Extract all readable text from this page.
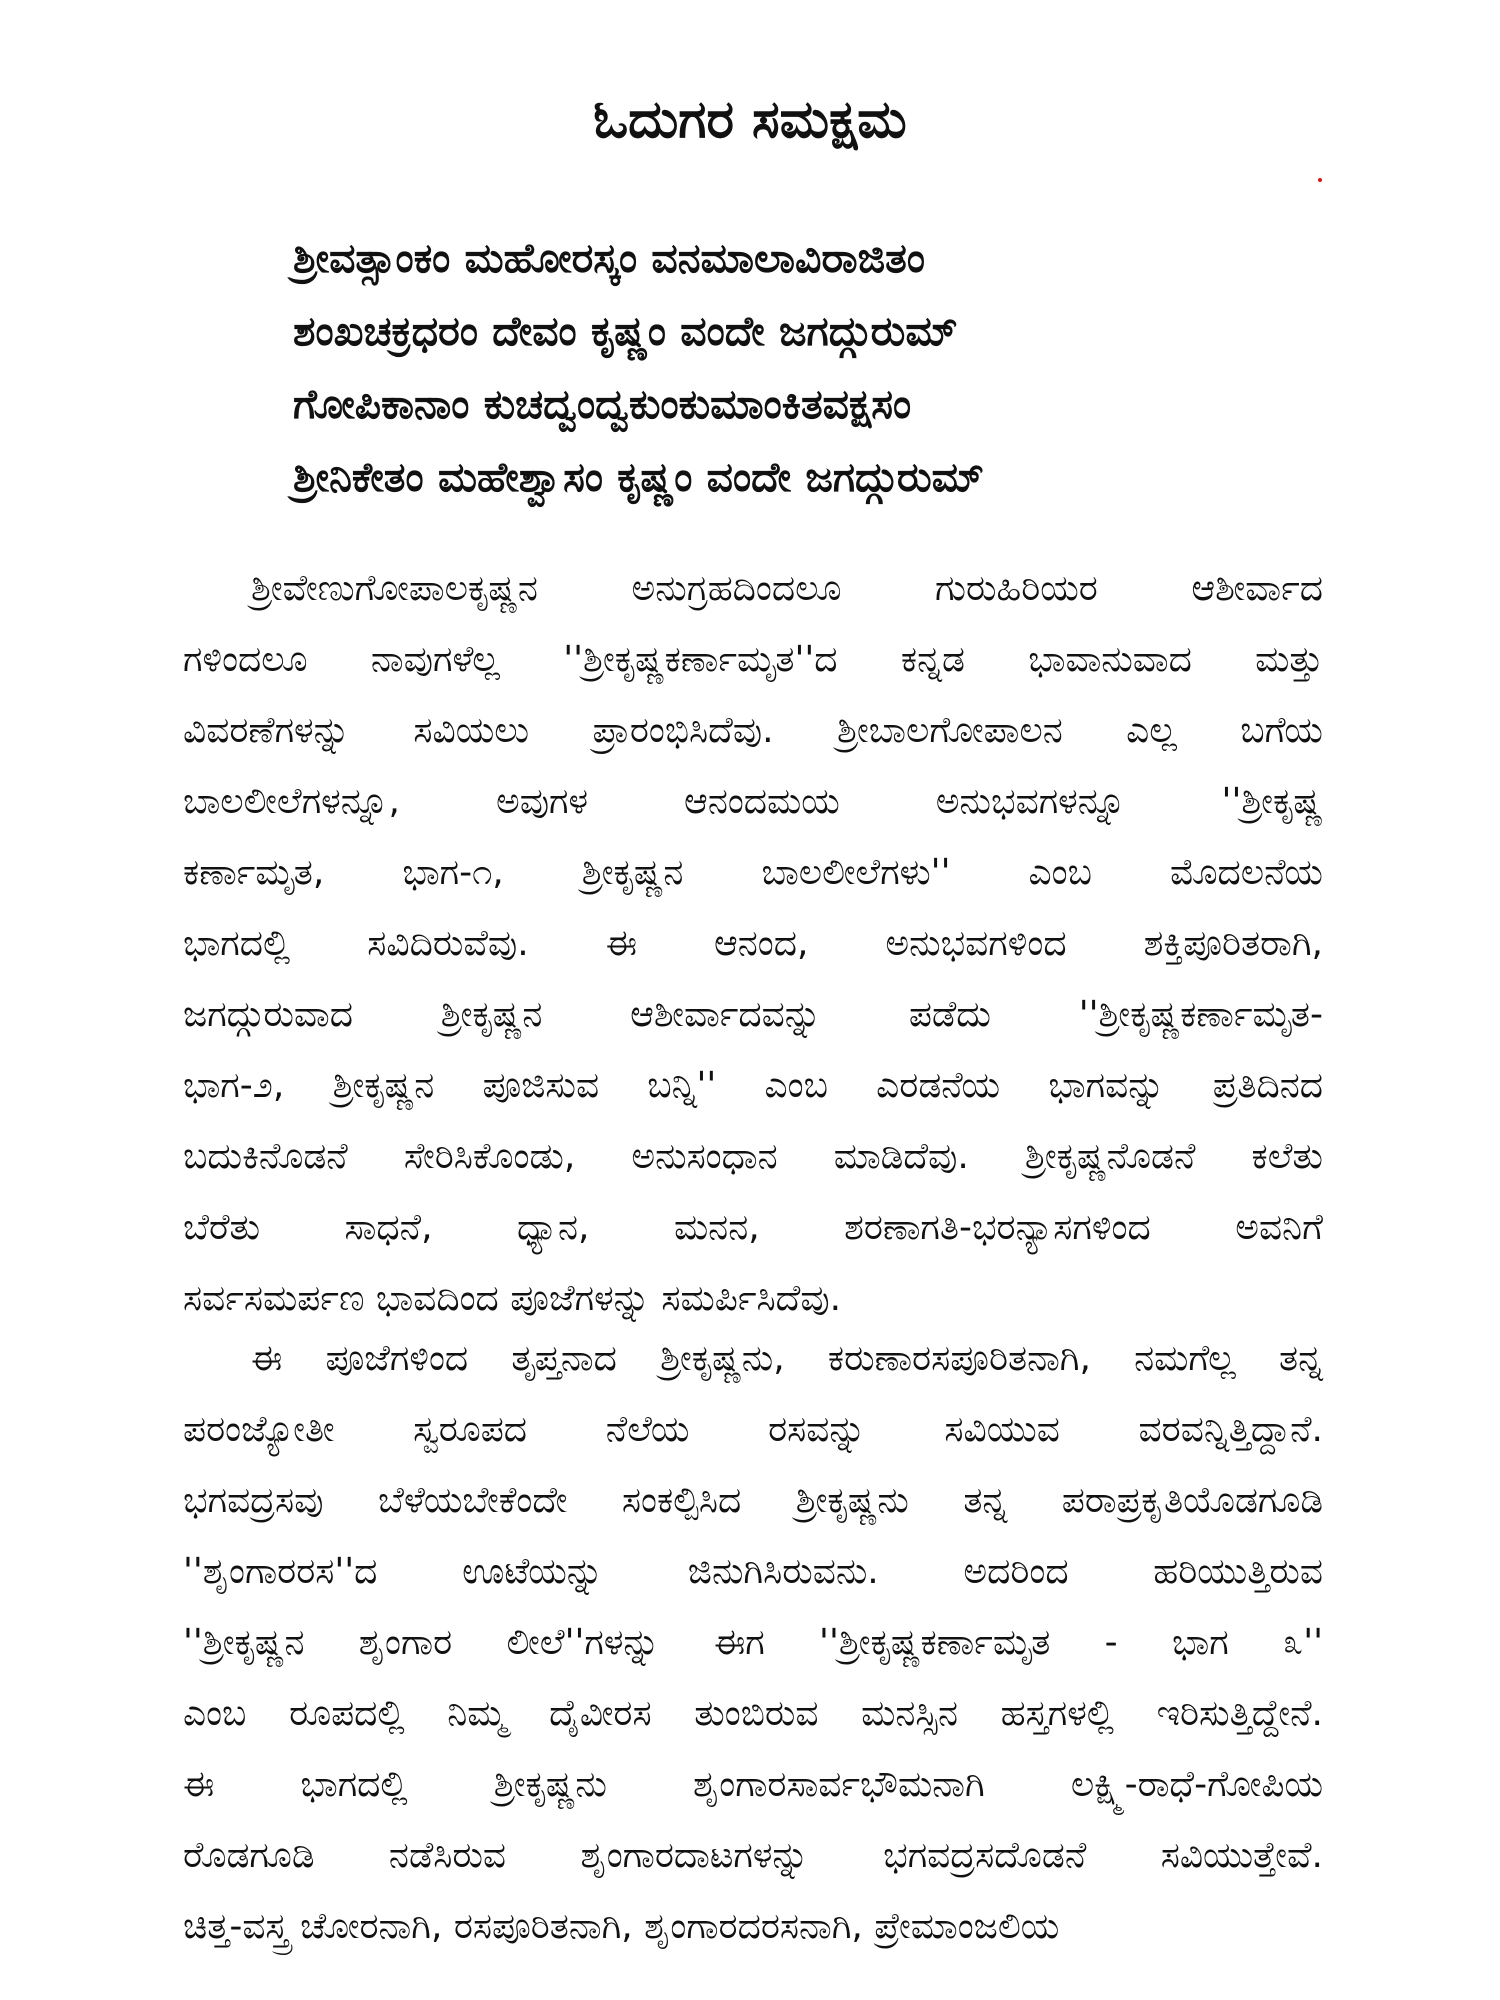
ಓದುಗರ ಸಮಕ್ಷಮ
ಶ್ರೀವತ್ಸಾಂಕಂ ಮಹೋರಸ್ಕಂ ವನಮಾಲಾವಿರಾಜಿತಂ
ಶಂಖಚಕ್ರಧರಂ ದೇವಂ ಕೃಷ್ಣಂ ವಂದೇ ಜಗದ್ಗುರುಮ್
ಗೋಪಿಕಾನಾಂ ಕುಚದ್ವಂದ್ವಕುಂಕುಮಾಂಕಿತವಕ್ಷಸಂ
ಶ್ರೀನಿಕೇತಂ ಮಹೇಶ್ವಾಸಂ ಕೃಷ್ಣಂ ವಂದೇ ಜಗದ್ಗುರುಮ್
ಶ್ರೀವೇಣುಗೋಪಾಲಕೃಷ್ಣನ ಅನುಗ್ರಹದಿಂದಲೂ ಗುರುಹಿರಿಯರ ಆಶೀರ್ವಾದ
ಗಳಿಂದಲೂ ನಾವುಗಳೆಲ್ಲ ''ಶ್ರೀಕೃಷ್ಣಕರ್ಣಾಮೃತ''ದ ಕನ್ನಡ ಭಾವಾನುವಾದ ಮತ್ತು
ವಿವರಣೆಗಳನ್ನು ಸವಿಯಲು ಪ್ರಾರಂಭಿಸಿದೆವು. ಶ್ರೀಬಾಲಗೋಪಾಲನ ಎಲ್ಲ ಬಗೆಯ
ಬಾಲಲೀಲೆಗಳನ್ನೂ, ಅವುಗಳ ಆನಂದಮಯ ಅನುಭವಗಳನ್ನೂ ''ಶ್ರೀಕೃಷ್ಣ
ಕರ್ಣಾಮೃತ, ಭಾಗ-೧, ಶ್ರೀಕೃಷ್ಣನ ಬಾಲಲೀಲೆಗಳು'' ಎಂಬ ಮೊದಲನೆಯ
ಭಾಗದಲ್ಲಿ ಸವಿದಿರುವೆವು. ಈ ಆನಂದ, ಅನುಭವಗಳಿಂದ ಶಕ್ತಿಪೂರಿತರಾಗಿ,
ಜಗದ್ಗುರುವಾದ ಶ್ರೀಕೃಷ್ಣನ ಆಶೀರ್ವಾದವನ್ನು ಪಡೆದು ''ಶ್ರೀಕೃಷ್ಣಕರ್ಣಾಮೃತ-
ಭಾಗ-೨, ಶ್ರೀಕೃಷ್ಣನ ಪೂಜಿಸುವ ಬನ್ನಿ'' ಎಂಬ ಎರಡನೆಯ ಭಾಗವನ್ನು ಪ್ರತಿದಿನದ
ಬದುಕಿನೊಡನೆ ಸೇರಿಸಿಕೊಂಡು, ಅನುಸಂಧಾನ ಮಾಡಿದೆವು. ಶ್ರೀಕೃಷ್ಣನೊಡನೆ ಕಲೆತು
ಬೆರೆತು ಸಾಧನೆ, ಧ್ಯಾನ, ಮನನ, ಶರಣಾಗತಿ-ಭರನ್ಯಾಸಗಳಿಂದ ಅವನಿಗೆ
ಸರ್ವಸಮರ್ಪಣ ಭಾವದಿಂದ ಪೂಜೆಗಳನ್ನು ಸಮರ್ಪಿಸಿದೆವು.
ಈ ಪೂಜೆಗಳಿಂದ ತೃಪ್ತನಾದ ಶ್ರೀಕೃಷ್ಣನು, ಕರುಣಾರಸಪೂರಿತನಾಗಿ, ನಮಗೆಲ್ಲ ತನ್ನ
ಪರಂಜ್ಯೋತೀ ಸ್ವರೂಪದ ನೆಲೆಯ ರಸವನ್ನು ಸವಿಯುವ ವರವನ್ನಿತ್ತಿದ್ದಾನೆ.
ಭಗವದ್ರಸವು ಬೆಳೆಯಬೇಕೆಂದೇ ಸಂಕಲ್ಪಿಸಿದ ಶ್ರೀಕೃಷ್ಣನು ತನ್ನ ಪರಾಪ್ರಕೃತಿಯೊಡಗೂಡಿ
''ಶೃಂಗಾರರಸ''ದ ಊಟೆಯನ್ನು ಜಿನುಗಿಸಿರುವನು. ಅದರಿಂದ ಹರಿಯುತ್ತಿರುವ
''ಶ್ರೀಕೃಷ್ಣನ ಶೃಂಗಾರ ಲೀಲೆ''ಗಳನ್ನು ಈಗ ''ಶ್ರೀಕೃಷ್ಣಕರ್ಣಾಮೃತ - ಭಾಗ ೩''
ಎಂಬ ರೂಪದಲ್ಲಿ ನಿಮ್ಮ ದೈವೀರಸ ತುಂಬಿರುವ ಮನಸ್ಸಿನ ಹಸ್ತಗಳಲ್ಲಿ ಇರಿಸುತ್ತಿದ್ದೇನೆ.
ಈ ಭಾಗದಲ್ಲಿ ಶ್ರೀಕೃಷ್ಣನು ಶೃಂಗಾರಸಾರ್ವಭೌಮನಾಗಿ ಲಕ್ಷ್ಮಿ-ರಾಧೆ-ಗೋಪಿಯ
ರೊಡಗೂಡಿ ನಡೆಸಿರುವ ಶೃಂಗಾರದಾಟಗಳನ್ನು ಭಗವದ್ರಸದೊಡನೆ ಸವಿಯುತ್ತೇವೆ.
ಚಿತ್ತ-ವಸ್ತ್ರ ಚೋರನಾಗಿ, ರಸಪೂರಿತನಾಗಿ, ಶೃಂಗಾರದರಸನಾಗಿ, ಪ್ರೇಮಾಂಜಲಿಯ
